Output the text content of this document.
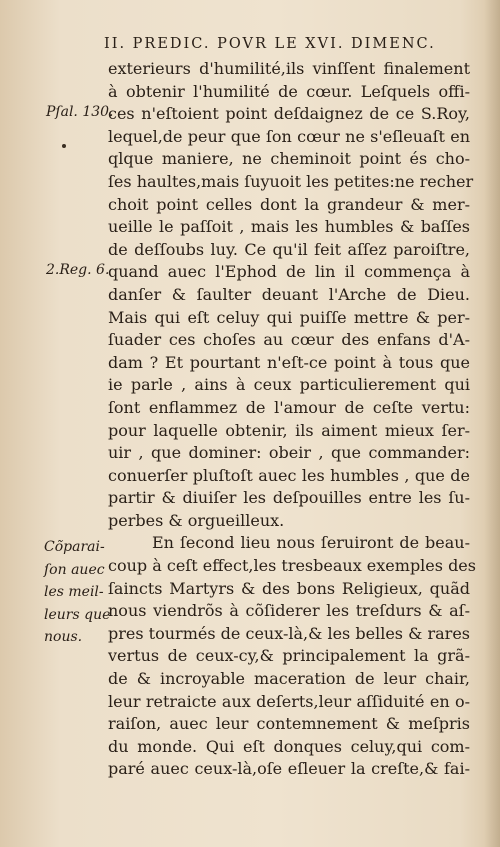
II. PREDIC. POVR LE XVI. DIMENC.
Pſal. 130.
2.Reg. 6.
Cõparai-
ſon auec
les meil-
leurs que
nous.
exterieurs d'humilité,ils vinſſent finalement
à obtenir l'humilité de cœur. Leſquels offi-
ces n'eſtoient point deſdaignez de ce S.Roy,
lequel,de peur que ſon cœur ne s'eſleuaſt en
qlque maniere, ne cheminoit point és cho-
ſes haultes,mais ſuyuoit les petites:ne recher
choit point celles dont la grandeur & mer-
ueille le paſſoit , mais les humbles & baſſes
de deſſoubs luy. Ce qu'il feit aſſez paroiſtre,
quand auec l'Ephod de lin il commença à
danſer & ſaulter deuant l'Arche de Dieu.
Mais qui eſt celuy qui puiſſe mettre & per-
ſuader ces choſes au cœur des enfans d'A-
dam ? Et pourtant n'eſt-ce point à tous que
ie parle , ains à ceux particulierement qui
ſont enflammez de l'amour de ceſte vertu:
pour laquelle obtenir, ils aiment mieux ſer-
uir , que dominer: obeir , que commander:
conuerſer pluſtoſt auec les humbles , que de
partir & diuiſer les deſpouilles entre les ſu-
perbes & orgueilleux.
En ſecond lieu nous ſeruiront de beau-
coup à ceſt effect,les tresbeaux exemples des
ſaincts Martyrs & des bons Religieux, quãd
nous viendrõs à cõſiderer les treſdurs & aſ-
pres tourmés de ceux-là,& les belles & rares
vertus de ceux-cy,& principalement la grã-
de & incroyable maceration de leur chair,
leur retraicte aux deſerts,leur aſſiduité en o-
raiſon, auec leur contemnement & meſpris
du monde. Qui eſt donques celuy,qui com-
paré auec ceux-là,oſe eſleuer la creſte,& fai-
